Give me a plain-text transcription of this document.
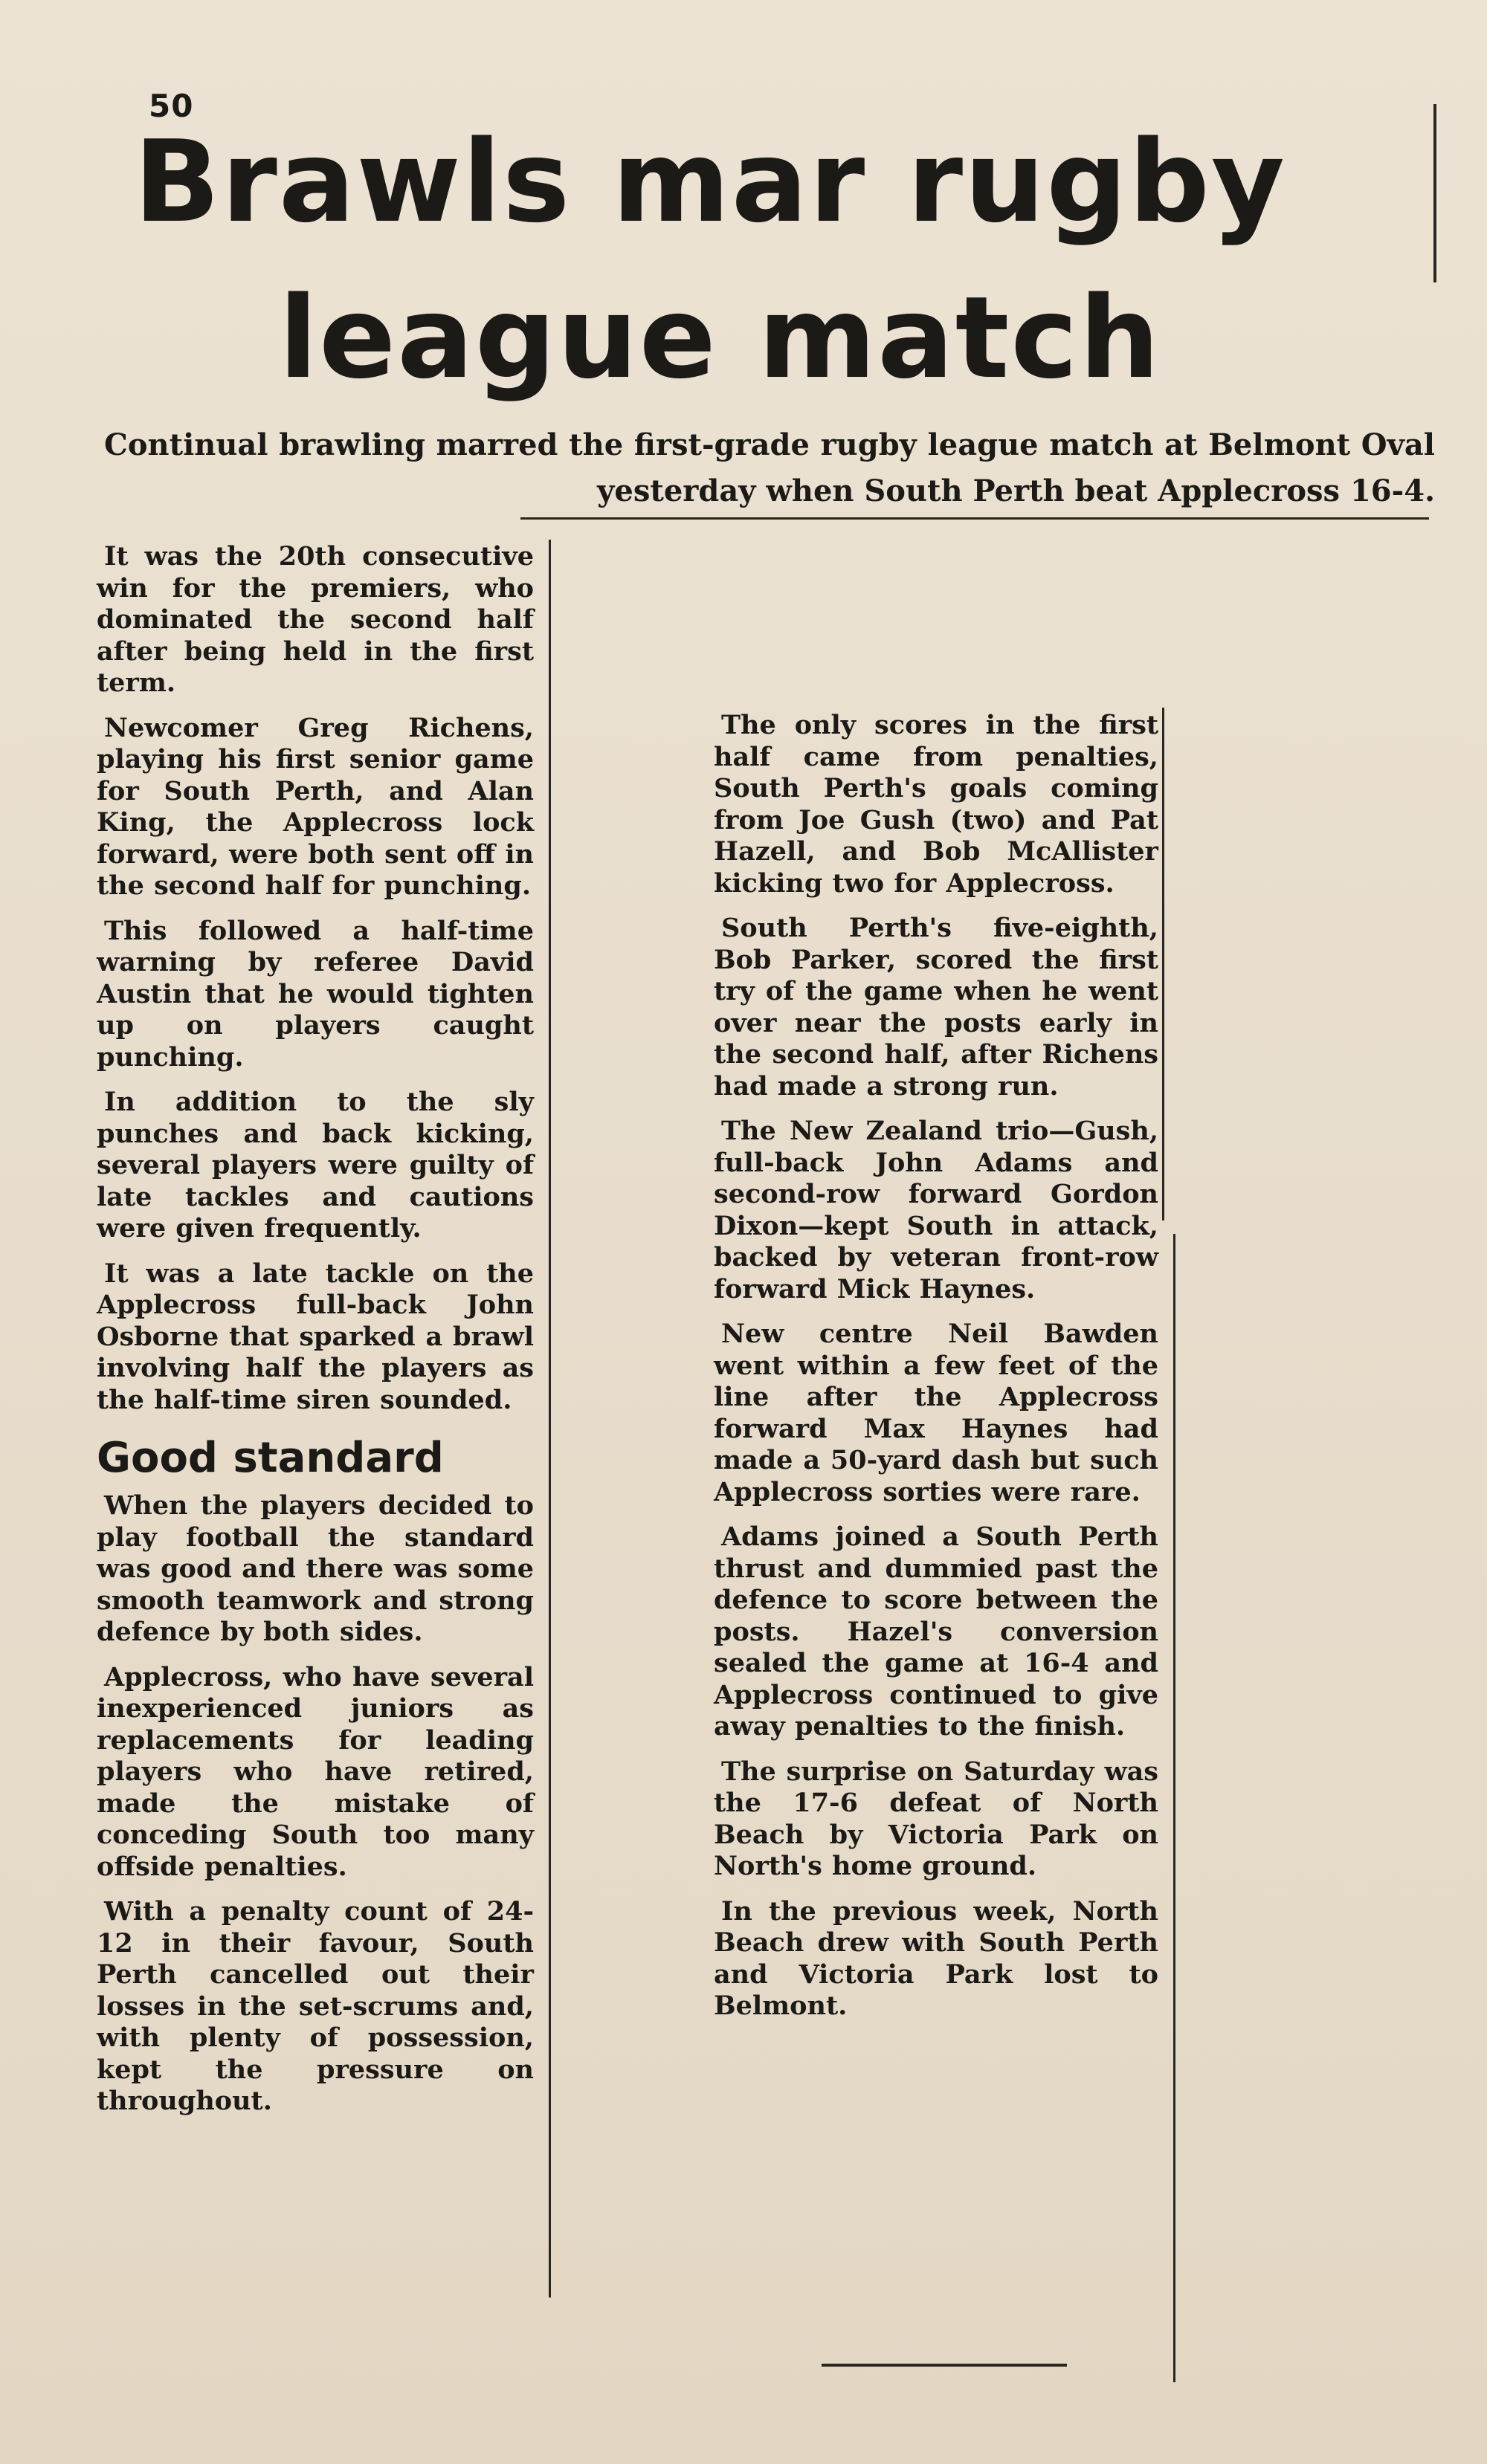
50
Brawls mar rugby
league match

Continual brawling marred the first-grade rugby league match at Belmont Oval yesterday when South Perth beat Applecross 16-4.

It was the 20th consecutive win for the premiers, who dominated the second half after being held in the first term.

Newcomer Greg Richens, playing his first senior game for South Perth, and Alan King, the Applecross lock forward, were both sent off in the second half for punching.

This followed a half-time warning by referee David Austin that he would tighten up on players caught punching.

In addition to the sly punches and back kicking, several players were guilty of late tackles and cautions were given frequently.

It was a late tackle on the Applecross full-back John Osborne that sparked a brawl involving half the players as the half-time siren sounded.

Good standard

When the players decided to play football the standard was good and there was some smooth teamwork and strong defence by both sides.

Applecross, who have several inexperienced juniors as replacements for leading players who have retired, made the mistake of conceding South too many offside penalties.

With a penalty count of 24-12 in their favour, South Perth cancelled out their losses in the set-scrums and, with plenty of possession, kept the pressure on throughout.

The only scores in the first half came from penalties, South Perth's goals coming from Joe Gush (two) and Pat Hazell, and Bob McAllister kicking two for Applecross.

South Perth's five-eighth, Bob Parker, scored the first try of the game when he went over near the posts early in the second half, after Richens had made a strong run.

The New Zealand trio—Gush, full-back John Adams and second-row forward Gordon Dixon—kept South in attack, backed by veteran front-row forward Mick Haynes.

New centre Neil Bawden went within a few feet of the line after the Applecross forward Max Haynes had made a 50-yard dash but such Applecross sorties were rare.

Adams joined a South Perth thrust and dummied past the defence to score between the posts. Hazel's conversion sealed the game at 16-4 and Applecross continued to give away penalties to the finish.

The surprise on Saturday was the 17-6 defeat of North Beach by Victoria Park on North's home ground.

In the previous week, North Beach drew with South Perth and Victoria Park lost to Belmont.
